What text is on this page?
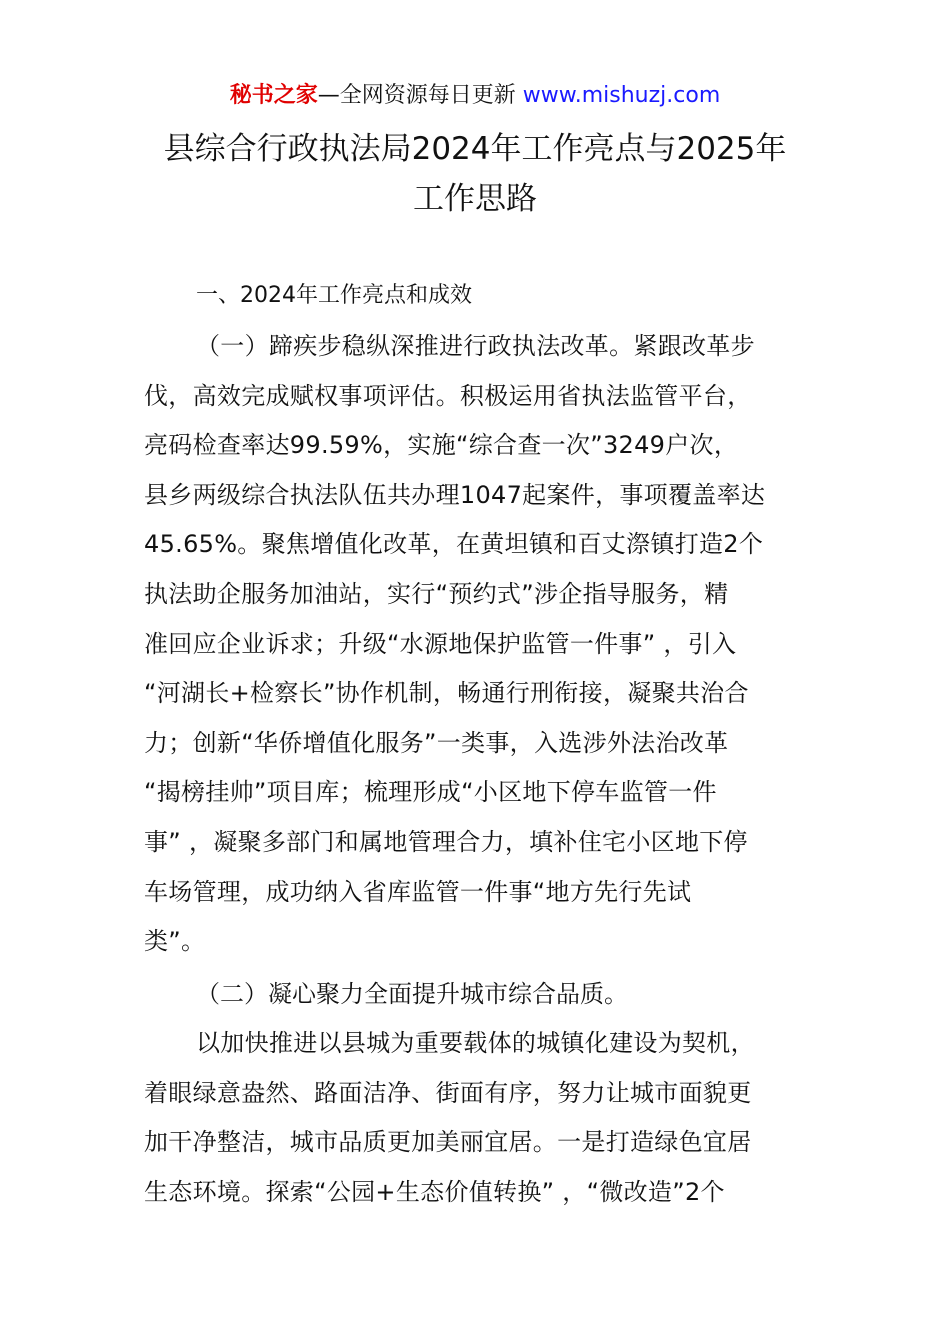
秘书之家—全网资源每日更新 www.mishuzj.com
县综合行政执法局2024年工作亮点与2025年
工作思路
一、2024年工作亮点和成效
（一）蹄疾步稳纵深推进行政执法改革。紧跟改革步
伐，高效完成赋权事项评估。积极运用省执法监管平台，
亮码检查率达99.59%，实施“综合查一次”3249户次，
县乡两级综合执法队伍共办理1047起案件，事项覆盖率达
45.65%。聚焦增值化改革，在黄坦镇和百丈漈镇打造2个
执法助企服务加油站，实行“预约式”涉企指导服务，精
准回应企业诉求；升级“水源地保护监管一件事” ，引入
“河湖长+检察长”协作机制，畅通行刑衔接，凝聚共治合
力；创新“华侨增值化服务”一类事，入选涉外法治改革
“揭榜挂帅”项目库；梳理形成“小区地下停车监管一件
事” ，凝聚多部门和属地管理合力，填补住宅小区地下停
车场管理，成功纳入省库监管一件事“地方先行先试
类”。
（二）凝心聚力全面提升城市综合品质。
以加快推进以县城为重要载体的城镇化建设为契机，
着眼绿意盎然、路面洁净、街面有序，努力让城市面貌更
加干净整洁，城市品质更加美丽宜居。一是打造绿色宜居
生态环境。探索“公园+生态价值转换” ，“微改造”2个
